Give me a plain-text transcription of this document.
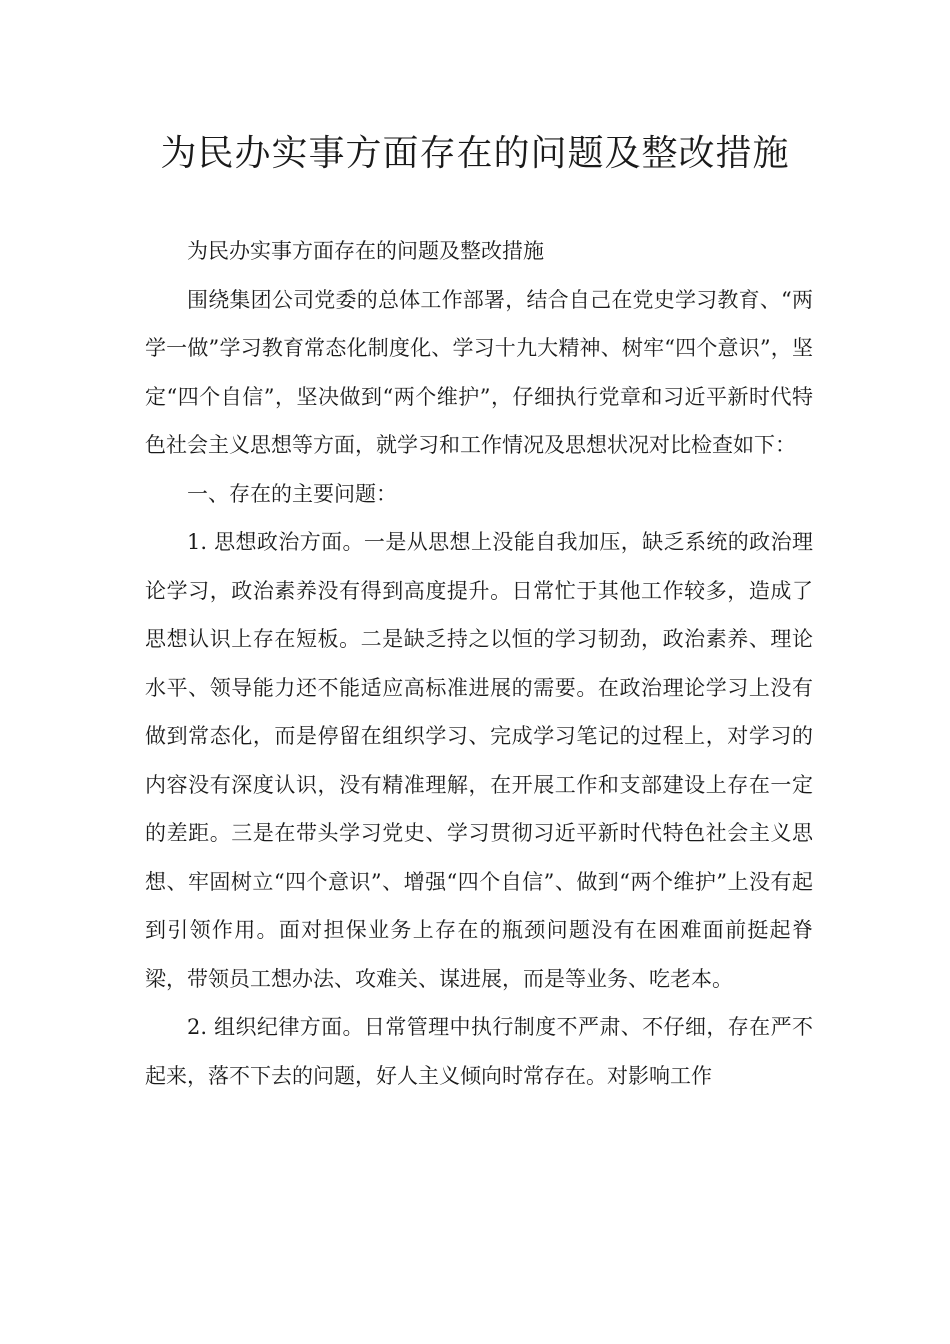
为民办实事方面存在的问题及整改措施

为民办实事方面存在的问题及整改措施

围绕集团公司党委的总体工作部署，结合自己在党史学习教育、“两学一做”学习教育常态化制度化、学习十九大精神、树牢“四个意识”，坚定“四个自信”，坚决做到“两个维护”，仔细执行党章和习近平新时代特色社会主义思想等方面，就学习和工作情况及思想状况对比检查如下：

一、存在的主要问题：

1. 思想政治方面。一是从思想上没能自我加压，缺乏系统的政治理论学习，政治素养没有得到高度提升。日常忙于其他工作较多，造成了思想认识上存在短板。二是缺乏持之以恒的学习韧劲，政治素养、理论水平、领导能力还不能适应高标准进展的需要。在政治理论学习上没有做到常态化，而是停留在组织学习、完成学习笔记的过程上，对学习的内容没有深度认识，没有精准理解，在开展工作和支部建设上存在一定的差距。三是在带头学习党史、学习贯彻习近平新时代特色社会主义思想、牢固树立“四个意识”、增强“四个自信”、做到“两个维护”上没有起到引领作用。面对担保业务上存在的瓶颈问题没有在困难面前挺起脊梁，带领员工想办法、攻难关、谋进展，而是等业务、吃老本。

2. 组织纪律方面。日常管理中执行制度不严肃、不仔细，存在严不起来，落不下去的问题，好人主义倾向时常存在。对影响工作
